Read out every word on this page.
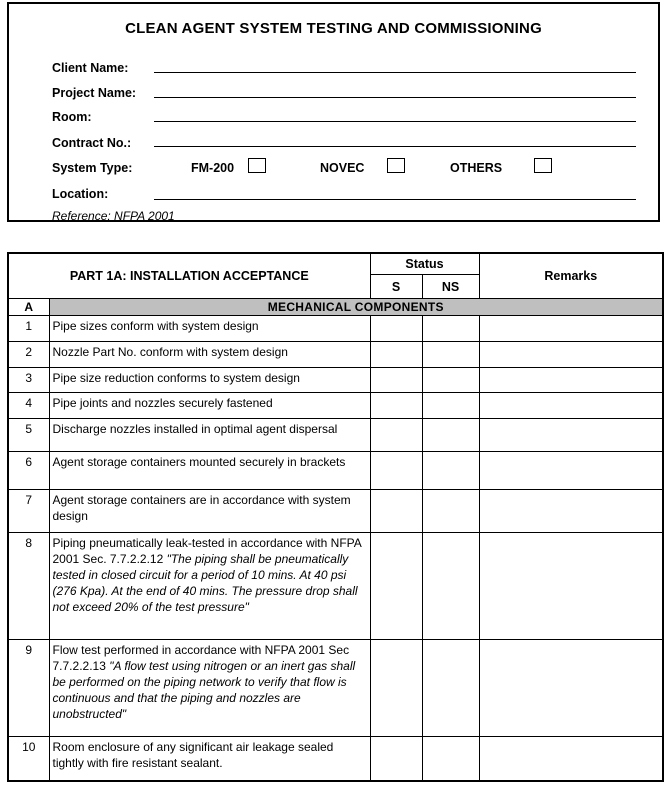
CLEAN AGENT SYSTEM TESTING AND COMMISSIONING
Client Name:
Project Name:
Room:
Contract No.:
System Type:	FM-200	NOVEC	OTHERS
Location:
Reference: NFPA 2001
PART 1A: INSTALLATION ACCEPTANCE		Status		Remarks
		S	NS	
A	MECHANICAL COMPONENTS			
1	Pipe sizes conform with system design			
2	Nozzle Part No. conform with system design			
3	Pipe size reduction conforms to system design			
4	Pipe joints and nozzles securely fastened			
5	Discharge nozzles installed in optimal agent dispersal			
6	Agent storage containers mounted securely in brackets			
7	Agent storage containers are in accordance with system design			
8	Piping pneumatically leak-tested in accordance with NFPA 2001 Sec. 7.7.2.2.12 "The piping shall be pneumatically tested in closed circuit for a period of 10 mins. At 40 psi (276 Kpa). At the end of 40 mins. The pressure drop shall not exceed 20% of the test pressure"			
9	Flow test performed in accordance with NFPA 2001 Sec 7.7.2.2.13 "A flow test using nitrogen or an inert gas shall be performed on the piping network to verify that flow is continuous and that the piping and nozzles are unobstructed"			
10	Room enclosure of any significant air leakage sealed tightly with fire resistant sealant.			
